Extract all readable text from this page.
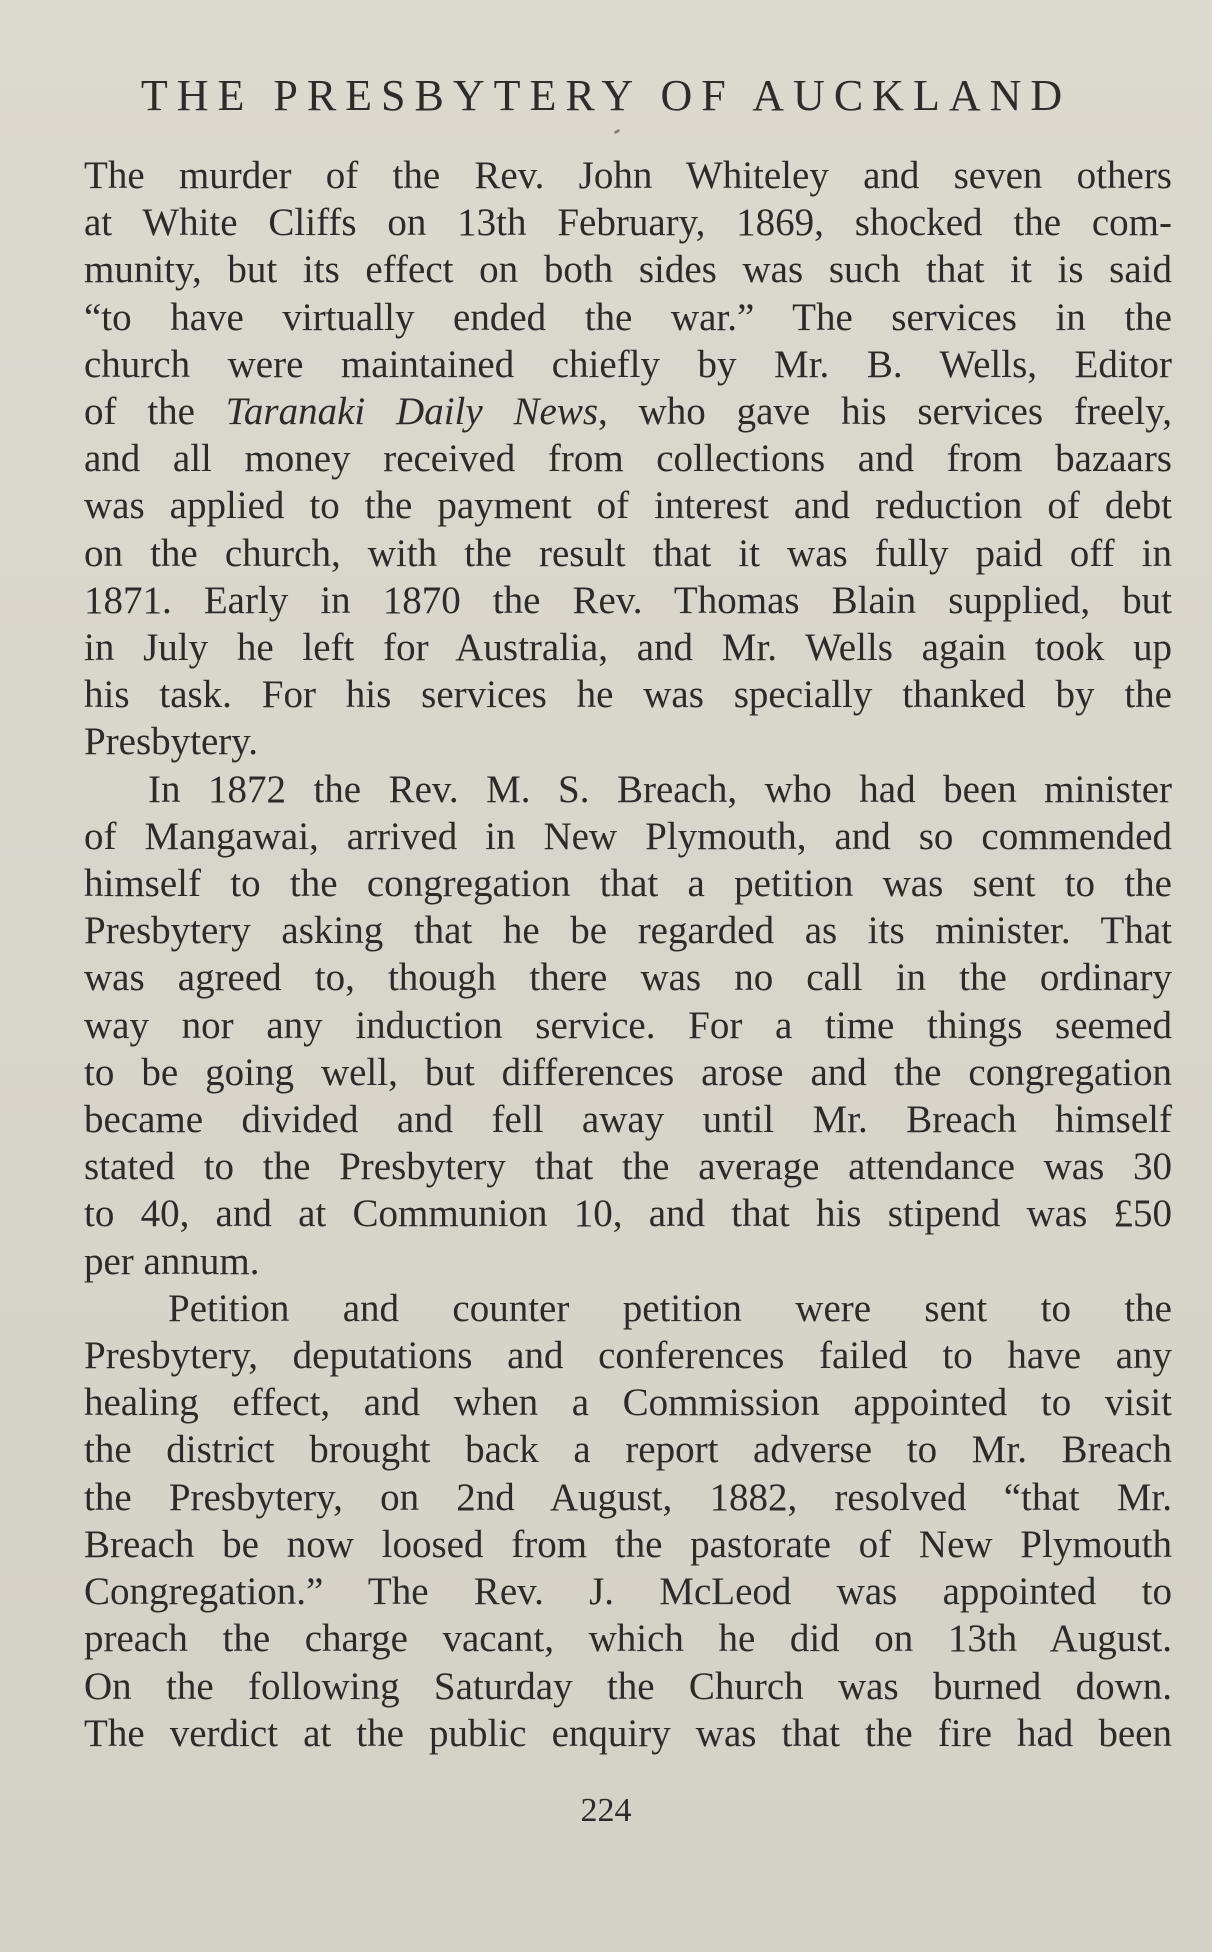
THE PRESBYTERY OF AUCKLAND

The murder of the Rev. John Whiteley and seven others
at White Cliffs on 13th February, 1869, shocked the com-
munity, but its effect on both sides was such that it is said
“to have virtually ended the war.” The services in the
church were maintained chiefly by Mr. B. Wells, Editor
of the Taranaki Daily News, who gave his services freely,
and all money received from collections and from bazaars
was applied to the payment of interest and reduction of debt
on the church, with the result that it was fully paid off in
1871. Early in 1870 the Rev. Thomas Blain supplied, but
in July he left for Australia, and Mr. Wells again took up
his task. For his services he was specially thanked by the
Presbytery.

In 1872 the Rev. M. S. Breach, who had been minister
of Mangawai, arrived in New Plymouth, and so commended
himself to the congregation that a petition was sent to the
Presbytery asking that he be regarded as its minister. That
was agreed to, though there was no call in the ordinary
way nor any induction service. For a time things seemed
to be going well, but differences arose and the congregation
became divided and fell away until Mr. Breach himself
stated to the Presbytery that the average attendance was 30
to 40, and at Communion 10, and that his stipend was £50
per annum.

Petition and counter petition were sent to the
Presbytery, deputations and conferences failed to have any
healing effect, and when a Commission appointed to visit
the district brought back a report adverse to Mr. Breach
the Presbytery, on 2nd August, 1882, resolved “that Mr.
Breach be now loosed from the pastorate of New Plymouth
Congregation.” The Rev. J. McLeod was appointed to
preach the charge vacant, which he did on 13th August.
On the following Saturday the Church was burned down.
The verdict at the public enquiry was that the fire had been

224
